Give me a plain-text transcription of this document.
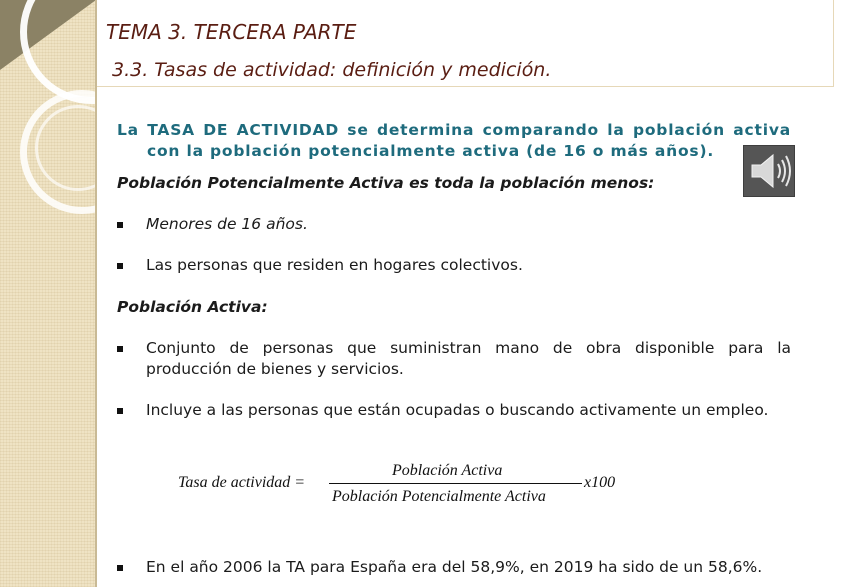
TEMA 3. TERCERA PARTE
3.3. Tasas de actividad: definición y medición.

La TASA DE ACTIVIDAD se determina comparando la población activa con la población potencialmente activa (de 16 o más años).

Población Potencialmente Activa es toda la población menos:

Menores de 16 años.
Las personas que residen en hogares colectivos.

Población Activa:

Conjunto de personas que suministran mano de obra disponible para la producción de bienes y servicios.
Incluye a las personas que están ocupadas o buscando activamente un empleo.
Tasa de actividad =
Población Activa
Población Potencialmente Activa
x100
En el año 2006 la TA para España era del 58,9%, en 2019 ha sido de un 58,6%.
